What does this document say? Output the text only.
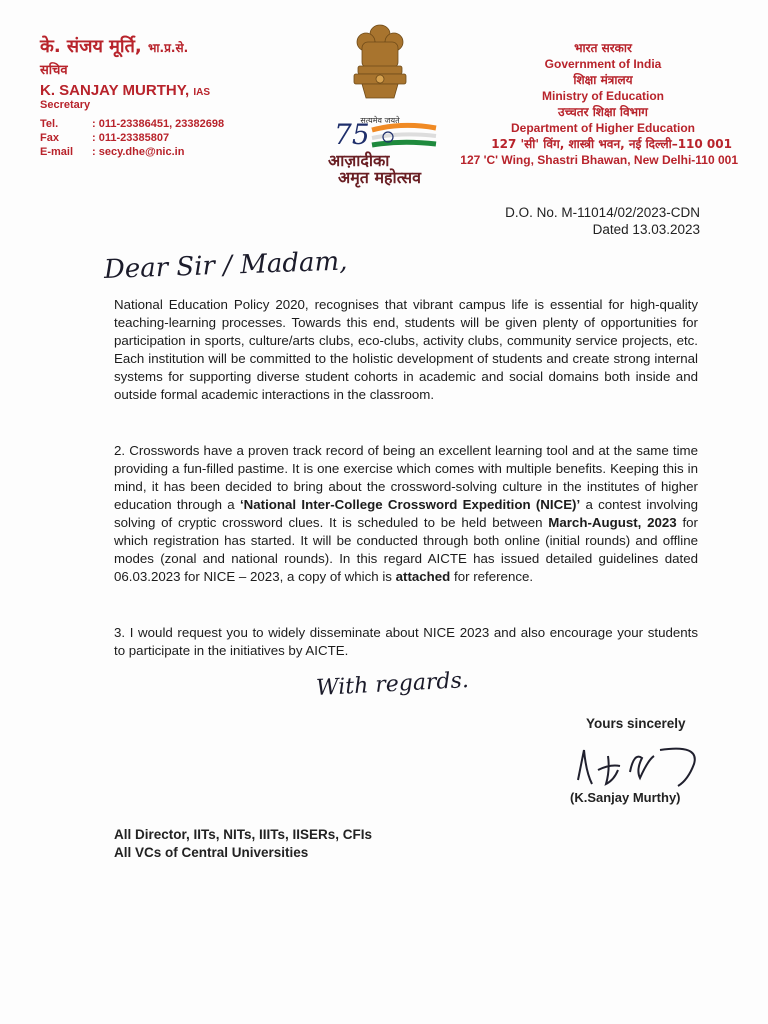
के. संजय मूर्ति, भा.प्र.से.
सचिव
K. SANJAY MURTHY, IAS
Secretary
Tel.	: 011-23386451, 23382698
Fax	: 011-23385807
E-mail : secy.dhe@nic.in
सत्यमेव जयते
75
आज़ादीका
अमृत महोत्सव
भारत सरकार
Government of India
शिक्षा मंत्रालय
Ministry of Education
उच्चतर शिक्षा विभाग
Department of Higher Education
127 'सी' विंग, शास्त्री भवन, नई दिल्ली–110 001
127 'C' Wing, Shastri Bhawan, New Delhi-110 001
D.O. No. M-11014/02/2023-CDN
Dated 13.03.2023
Dear Sir / Madam,
National Education Policy 2020, recognises that vibrant campus life is essential for high-quality teaching-learning processes. Towards this end, students will be given plenty of opportunities for participation in sports, culture/arts clubs, eco-clubs, activity clubs, community service projects, etc. Each institution will be committed to the holistic development of students and create strong internal systems for supporting diverse student cohorts in academic and social domains both inside and outside formal academic interactions in the classroom.
2. Crosswords have a proven track record of being an excellent learning tool and at the same time providing a fun-filled pastime. It is one exercise which comes with multiple benefits. Keeping this in mind, it has been decided to bring about the crossword-solving culture in the institutes of higher education through a ‘National Inter-College Crossword Expedition (NICE)’ a contest involving solving of cryptic crossword clues. It is scheduled to be held between March-August, 2023 for which registration has started. It will be conducted through both online (initial rounds) and offline modes (zonal and national rounds). In this regard AICTE has issued detailed guidelines dated 06.03.2023 for NICE – 2023, a copy of which is attached for reference.
3. I would request you to widely disseminate about NICE 2023 and also encourage your students to participate in the initiatives by AICTE.
With regards.
Yours sincerely
(K.Sanjay Murthy)
All Director, IITs, NITs, IIITs, IISERs, CFIs
All VCs of Central Universities
